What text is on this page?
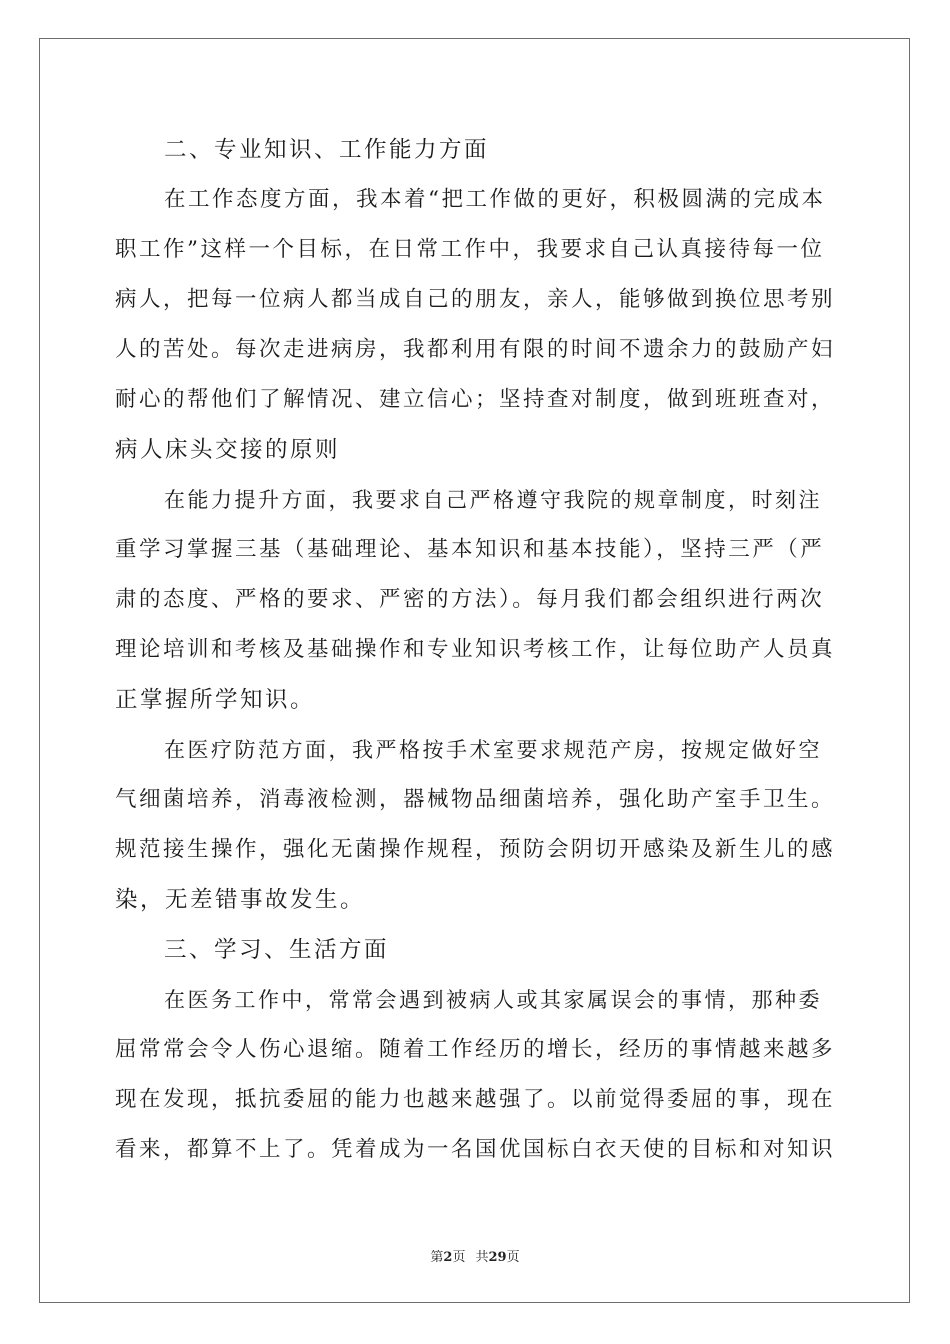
二、专业知识、工作能力方面
在工作态度方面，我本着“把工作做的更好，积极圆满的完成本
职工作”这样一个目标，在日常工作中，我要求自己认真接待每一位
病人，把每一位病人都当成自己的朋友，亲人，能够做到换位思考别
人的苦处。每次走进病房，我都利用有限的时间不遗余力的鼓励产妇
耐心的帮他们了解情况、建立信心；坚持查对制度，做到班班查对，
病人床头交接的原则
在能力提升方面，我要求自己严格遵守我院的规章制度，时刻注
重学习掌握三基（基础理论、基本知识和基本技能），坚持三严（严
肃的态度、严格的要求、严密的方法）。每月我们都会组织进行两次
理论培训和考核及基础操作和专业知识考核工作，让每位助产人员真
正掌握所学知识。
在医疗防范方面，我严格按手术室要求规范产房，按规定做好空
气细菌培养，消毒液检测，器械物品细菌培养，强化助产室手卫生。
规范接生操作，强化无菌操作规程，预防会阴切开感染及新生儿的感
染，无差错事故发生。
三、学习、生活方面
在医务工作中，常常会遇到被病人或其家属误会的事情，那种委
屈常常会令人伤心退缩。随着工作经历的增长，经历的事情越来越多
现在发现，抵抗委屈的能力也越来越强了。以前觉得委屈的事，现在
看来，都算不上了。凭着成为一名国优国标白衣天使的目标和对知识
第2页 共29页
